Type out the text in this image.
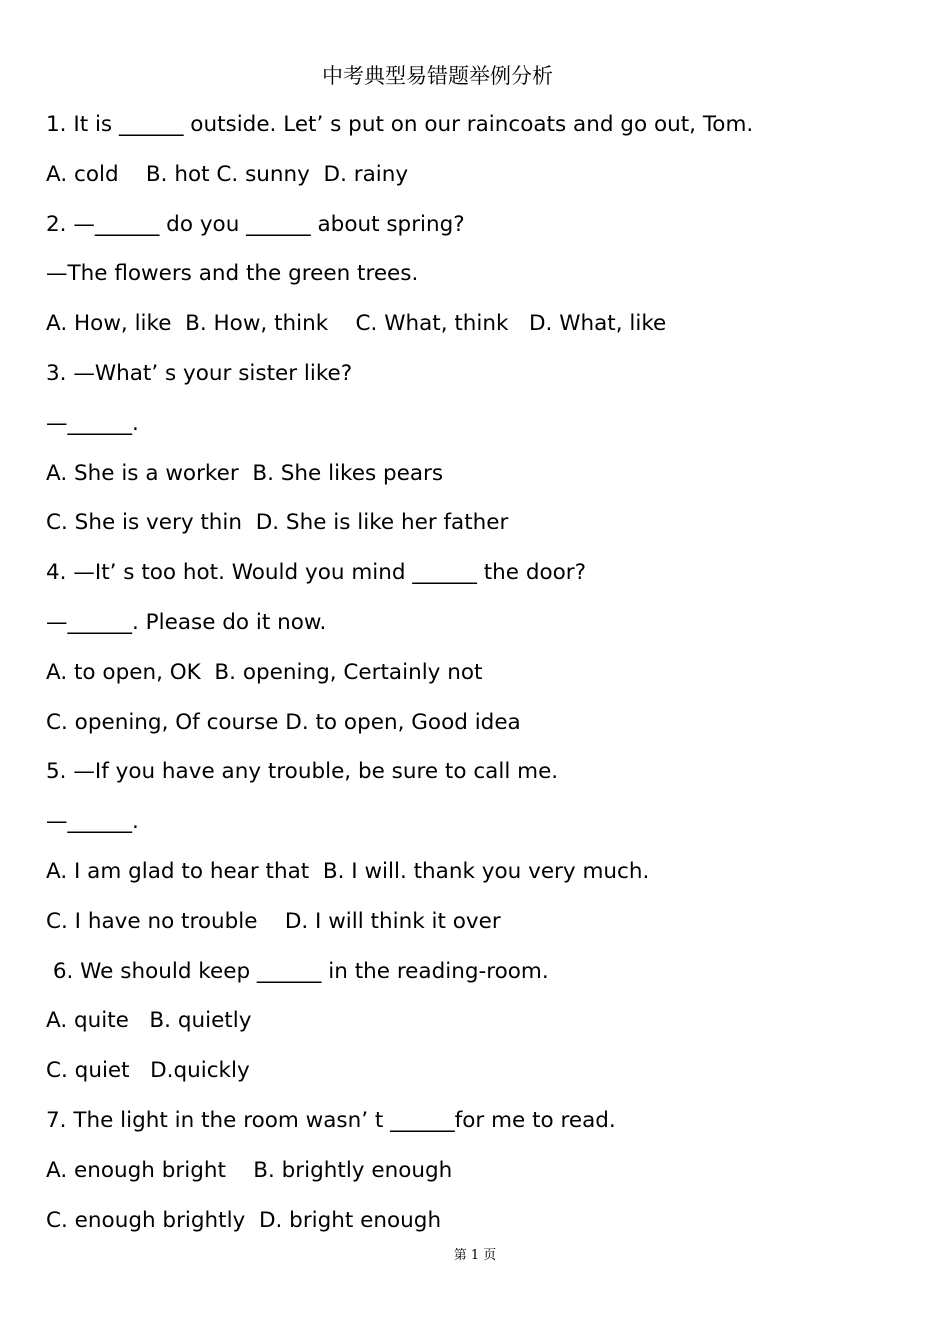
中考典型易错题举例分析
1. It is ______ outside. Let’ s put on our raincoats and go out, Tom.
A. cold    B. hot C. sunny  D. rainy
2. —______ do you ______ about spring?
—The flowers and the green trees.
A. How, like  B. How, think    C. What, think   D. What, like
3. —What’ s your sister like?
—______.
A. She is a worker  B. She likes pears
C. She is very thin  D. She is like her father
4. —It’ s too hot. Would you mind ______ the door?
—______. Please do it now.
A. to open, OK  B. opening, Certainly not
C. opening, Of course D. to open, Good idea
5. —If you have any trouble, be sure to call me.
—______.
A. I am glad to hear that  B. I will. thank you very much.
C. I have no trouble    D. I will think it over
6. We should keep ______ in the reading-room.
A. quite   B. quietly
C. quiet   D.quickly
7. The light in the room wasn’ t ______for me to read.
A. enough bright    B. brightly enough
C. enough brightly  D. bright enough
第 1 页
